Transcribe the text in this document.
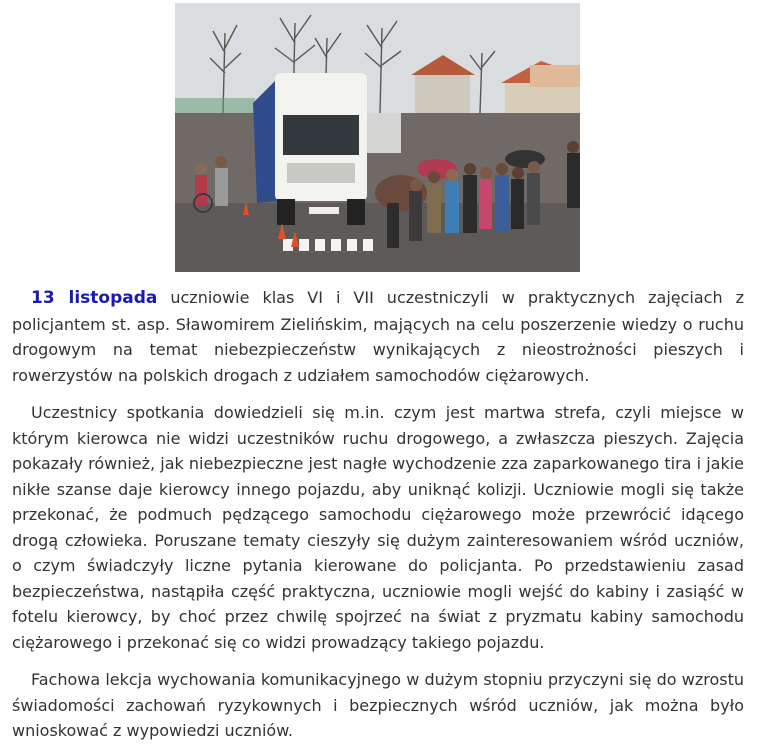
13 listopada uczniowie klas VI i VII uczestniczyli w praktycznych zajęciach z policjantem st. asp. Sławomirem Zielińskim, mających na celu poszerzenie wiedzy o ruchu drogowym na temat niebezpieczeństw wynikających z nieostrożności pieszych i rowerzystów na polskich drogach z udziałem samochodów ciężarowych.

Uczestnicy spotkania dowiedzieli się m.in. czym jest martwa strefa, czyli miejsce w którym kierowca nie widzi uczestników ruchu drogowego, a zwłaszcza pieszych. Zajęcia pokazały również, jak niebezpieczne jest nagłe wychodzenie zza zaparkowanego tira i jakie nikłe szanse daje kierowcy innego pojazdu, aby uniknąć kolizji. Uczniowie mogli się także przekonać, że podmuch pędzącego samochodu ciężarowego może przewrócić idącego drogą człowieka. Poruszane tematy cieszyły się dużym zainteresowaniem wśród uczniów, o czym świadczyły liczne pytania kierowane do policjanta. Po przedstawieniu zasad bezpieczeństwa, nastąpiła część praktyczna, uczniowie mogli wejść do kabiny i zasiąść w fotelu kierowcy, by choć przez chwilę spojrzeć na świat z pryzmatu kabiny samochodu ciężarowego i przekonać się co widzi prowadzący takiego pojazdu.

Fachowa lekcja wychowania komunikacyjnego w dużym stopniu przyczyni się do wzrostu świadomości zachowań ryzykownych i bezpiecznych wśród uczniów, jak można było wnioskować z wypowiedzi uczniów.
